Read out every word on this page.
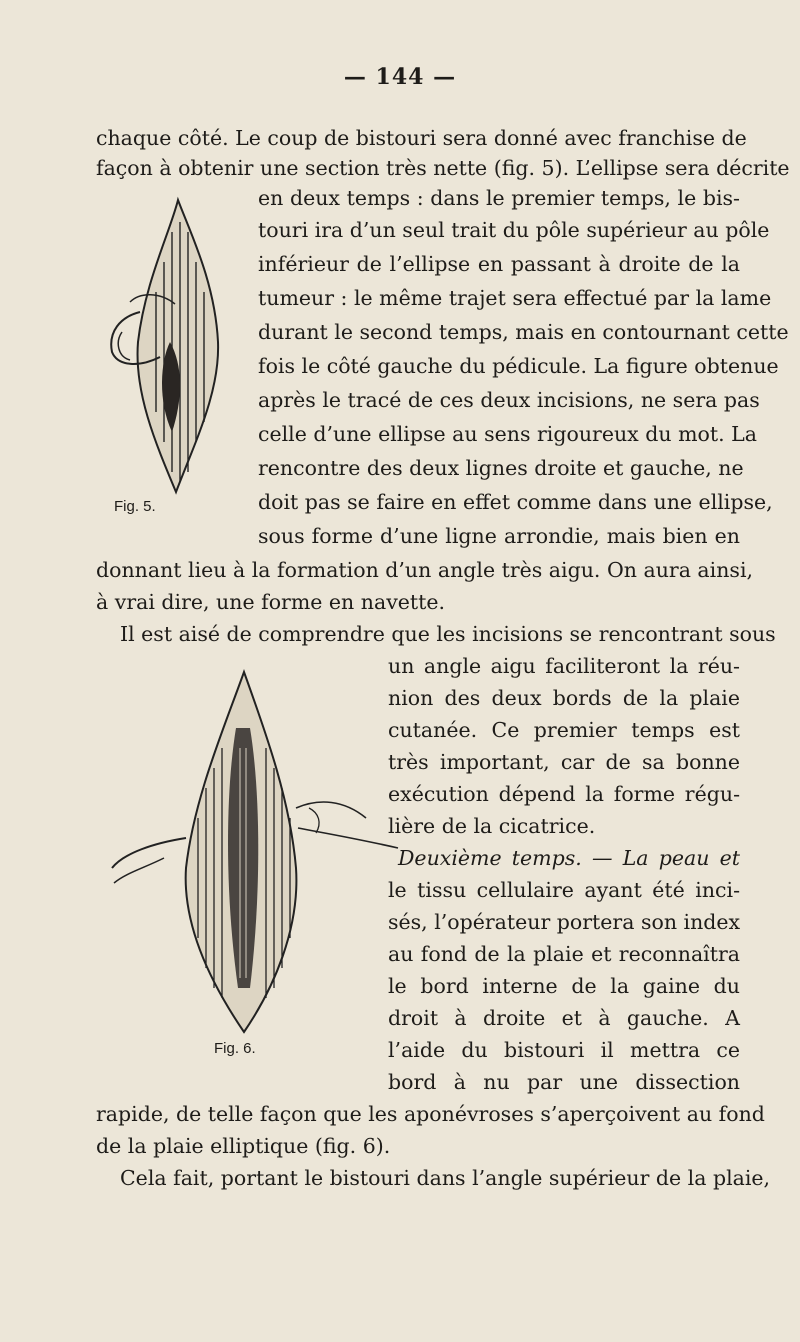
— 144 —
chaque côté. Le coup de bistouri sera donné avec franchise de
façon à obtenir une section très nette (fig. 5). L’ellipse sera décrite
Fig. 5.
en deux temps : dans le premier temps, le bis-
touri ira d’un seul trait du pôle supérieur au pôle
inférieur de l’ellipse en passant à droite de la
tumeur : le même trajet sera effectué par la lame
durant le second temps, mais en contournant cette
fois le côté gauche du pédicule. La figure obtenue
après le tracé de ces deux incisions, ne sera pas
celle d’une ellipse au sens rigoureux du mot. La
rencontre des deux lignes droite et gauche, ne
doit pas se faire en effet comme dans une ellipse,
sous forme d’une ligne arrondie, mais bien en
donnant lieu à la formation d’un angle très aigu. On aura ainsi,
à vrai dire, une forme en navette.
Il est aisé de comprendre que les incisions se rencontrant sous
Fig. 6.
un angle aigu faciliteront la réu-
nion des deux bords de la plaie
cutanée. Ce premier temps est
très important, car de sa bonne
exécution dépend la forme régu-
lière de la cicatrice.
Deuxième temps. — La peau et
le tissu cellulaire ayant été inci-
sés, l’opérateur portera son index
au fond de la plaie et reconnaîtra
le bord interne de la gaine du
droit à droite et à gauche. A
l’aide du bistouri il mettra ce
bord à nu par une dissection
rapide, de telle façon que les aponévroses s’aperçoivent au fond
de la plaie elliptique (fig. 6).
Cela fait, portant le bistouri dans l’angle supérieur de la plaie,
